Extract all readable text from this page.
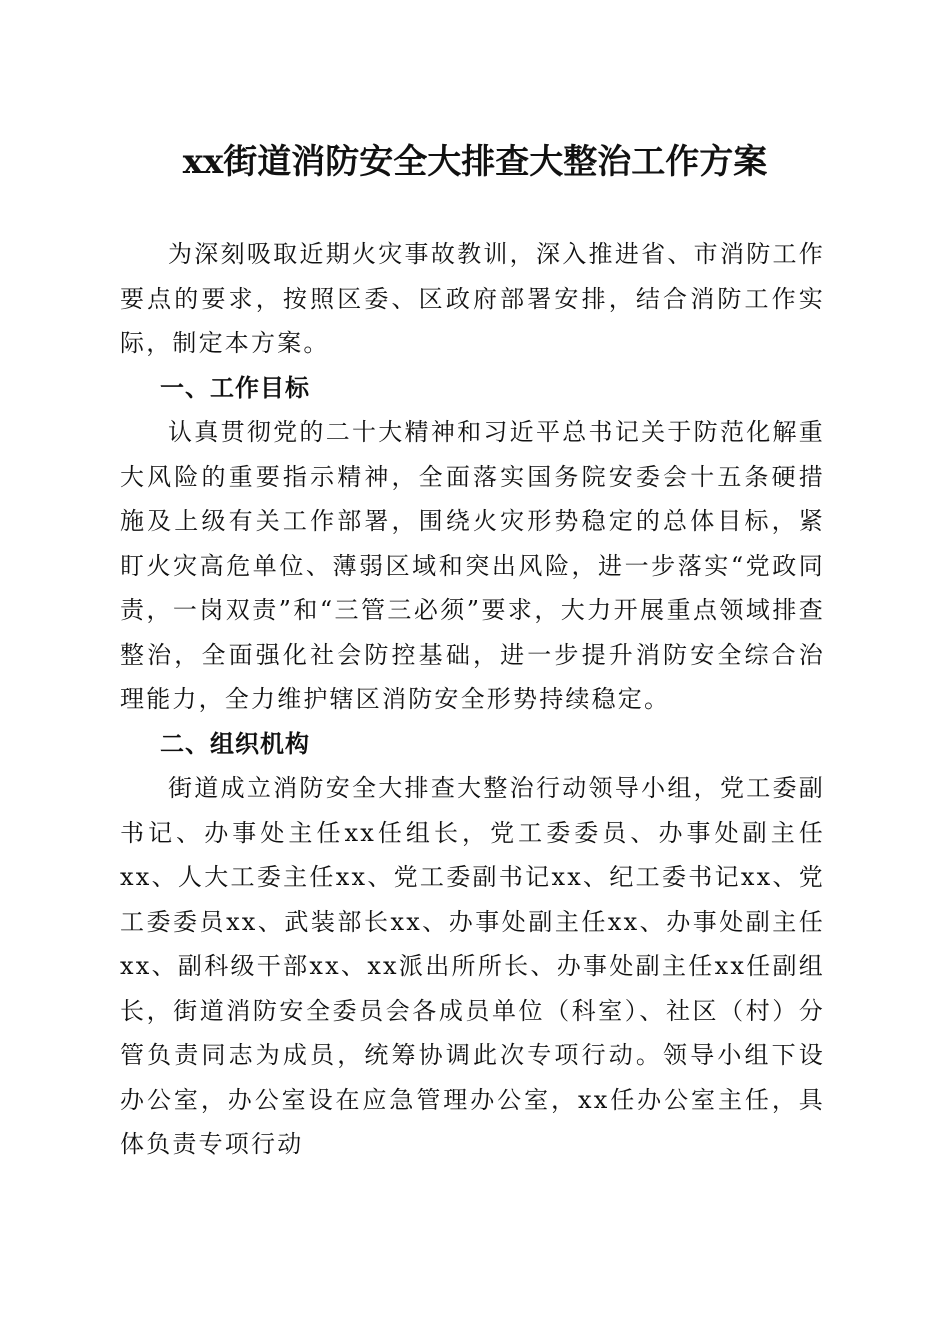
xx街道消防安全大排查大整治工作方案

为深刻吸取近期火灾事故教训，深入推进省、市消防工作要点的要求，按照区委、区政府部署安排，结合消防工作实际，制定本方案。

一、工作目标

认真贯彻党的二十大精神和习近平总书记关于防范化解重大风险的重要指示精神，全面落实国务院安委会十五条硬措施及上级有关工作部署，围绕火灾形势稳定的总体目标，紧盯火灾高危单位、薄弱区域和突出风险，进一步落实“党政同责，一岗双责”和“三管三必须”要求，大力开展重点领域排查整治，全面强化社会防控基础，进一步提升消防安全综合治理能力，全力维护辖区消防安全形势持续稳定。

二、组织机构

街道成立消防安全大排查大整治行动领导小组，党工委副书记、办事处主任xx任组长，党工委委员、办事处副主任xx、人大工委主任xx、党工委副书记xx、纪工委书记xx、党工委委员xx、武装部长xx、办事处副主任xx、办事处副主任xx、副科级干部xx、xx派出所所长、办事处副主任xx任副组长，街道消防安全委员会各成员单位（科室）、社区（村）分管负责同志为成员，统筹协调此次专项行动。领导小组下设办公室，办公室设在应急管理办公室，xx任办公室主任，具体负责专项行动
